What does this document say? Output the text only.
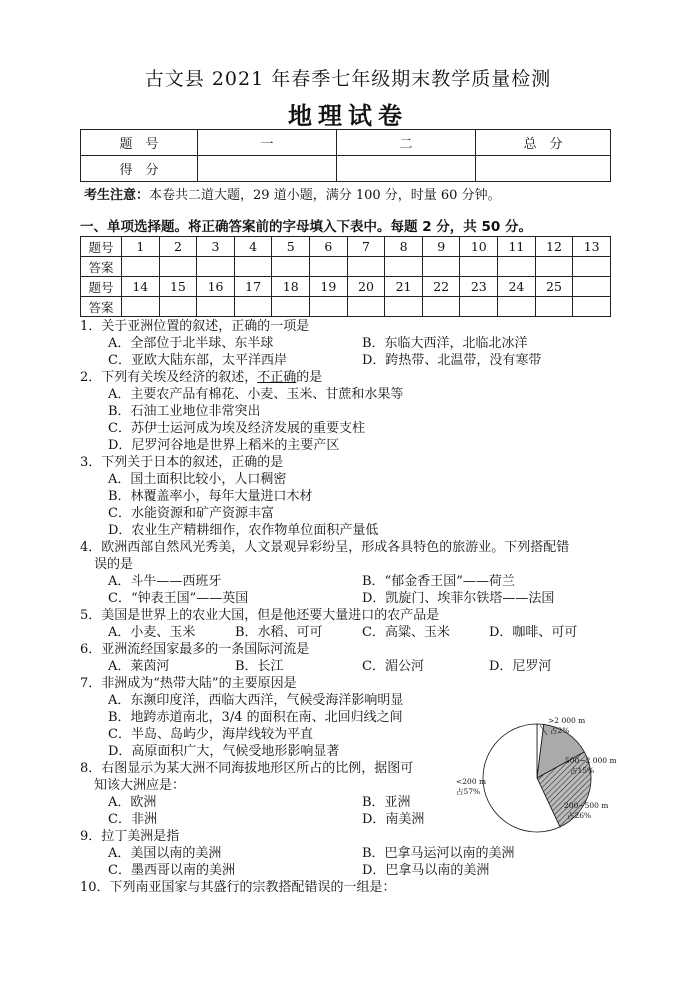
古文县 2021 年春季七年级期末教学质量检测
地理试卷
题　号	一	二	总　分
得　分			
考生注意：本卷共二道大题，29 道小题，满分 100 分，时量 60 分钟。
一、单项选择题。将正确答案前的字母填入下表中。每题 2 分，共 50 分。
题号	1	2	3	4	5	6	7	8	9	10	11	12	13
答案													
题号	14	15	16	17	18	19	20	21	22	23	24	25	
答案													
1．关于亚洲位置的叙述，正确的一项是
A．全部位于北半球、东半球	B．东临大西洋，北临北冰洋
C．亚欧大陆东部，太平洋西岸	D．跨热带、北温带，没有寒带
2．下列有关埃及经济的叙述，不正确的是
A．主要农产品有棉花、小麦、玉米、甘蔗和水果等
B．石油工业地位非常突出
C．苏伊士运河成为埃及经济发展的重要支柱
D．尼罗河谷地是世界上稻米的主要产区
3．下列关于日本的叙述，正确的是
A．国土面积比较小，人口稠密
B．林覆盖率小，每年大量进口木材
C．水能资源和矿产资源丰富
D．农业生产精耕细作，农作物单位面积产量低
4．欧洲西部自然风光秀美，人文景观异彩纷呈，形成各具特色的旅游业。下列搭配错
误的是
A．斗牛——西班牙	B．“郁金香王国”——荷兰
C．“钟表王国”——英国	D．凯旋门、埃菲尔铁塔——法国
5．美国是世界上的农业大国，但是他还要大量进口的农产品是
A．小麦、玉米	B．水稻、可可	C．高粱、玉米	D．咖啡、可可
6．亚洲流经国家最多的一条国际河流是
A．莱茵河	B．长江	C．湄公河	D．尼罗河
7．非洲成为“热带大陆”的主要原因是
A．东濒印度洋，西临大西洋，气候受海洋影响明显
B．地跨赤道南北，3/4 的面积在南、北回归线之间
C．半岛、岛屿少，海岸线较为平直
D．高原面积广大，气候受地形影响显著
8．右图显示为某大洲不同海拔地形区所占的比例，据图可
知该大洲应是：
A．欧洲	B．亚洲
C．非洲	D．南美洲
9．拉丁美洲是指
A．美国以南的美洲	B．巴拿马运河以南的美洲
C．墨西哥以南的美洲	D．巴拿马以南的美洲
10．下列南亚国家与其盛行的宗教搭配错误的一组是：
>2 000 m
占2%
500~2 000 m
占15%
200~500 m
占26%
<200 m
占57%
